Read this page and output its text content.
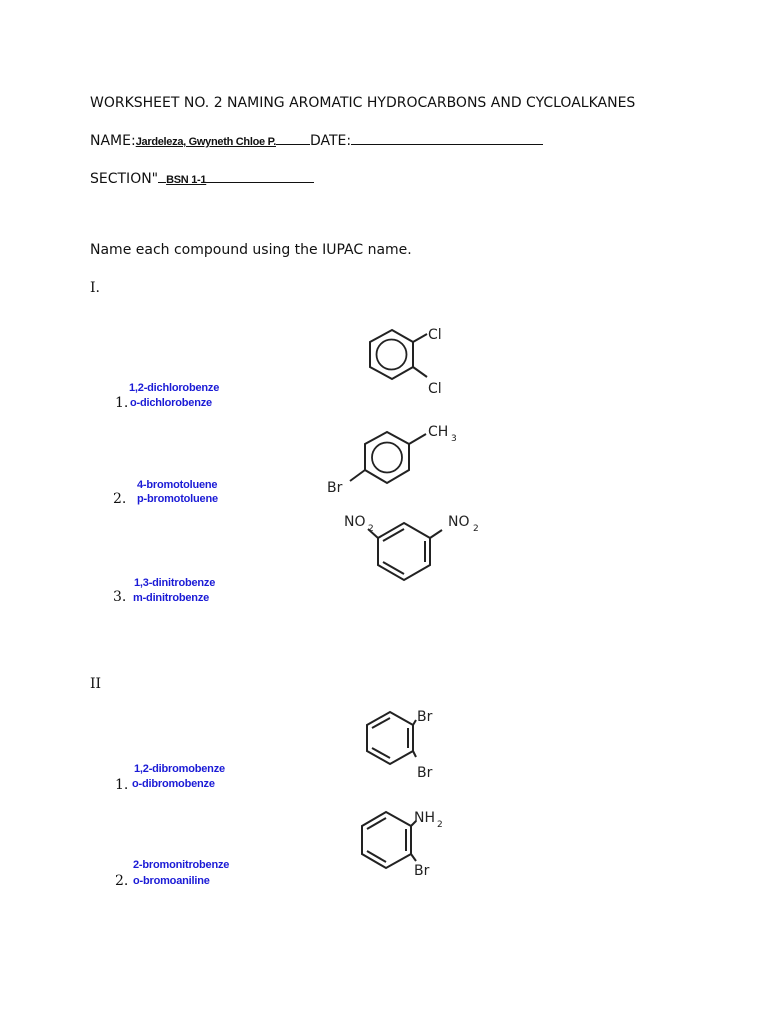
WORKSHEET NO. 2 NAMING AROMATIC HYDROCARBONS AND CYCLOALKANES
NAME:Jardeleza, Gwyneth Chloe P. DATE:
SECTION" BSN 1-1
Name each compound using the IUPAC name.
I.
1,2-dichlorobenze
1. o-dichlorobenze
Cl
Cl
4-bromotoluene
2. p-bromotoluene
CH 3
Br
1,3-dinitrobenze
3. m-dinitrobenze
NO 2	NO 2
II
1,2-dibromobenze
1. o-dibromobenze
Br
Br
2-bromonitrobenze
2. o-bromoaniline
NH 2
Br
